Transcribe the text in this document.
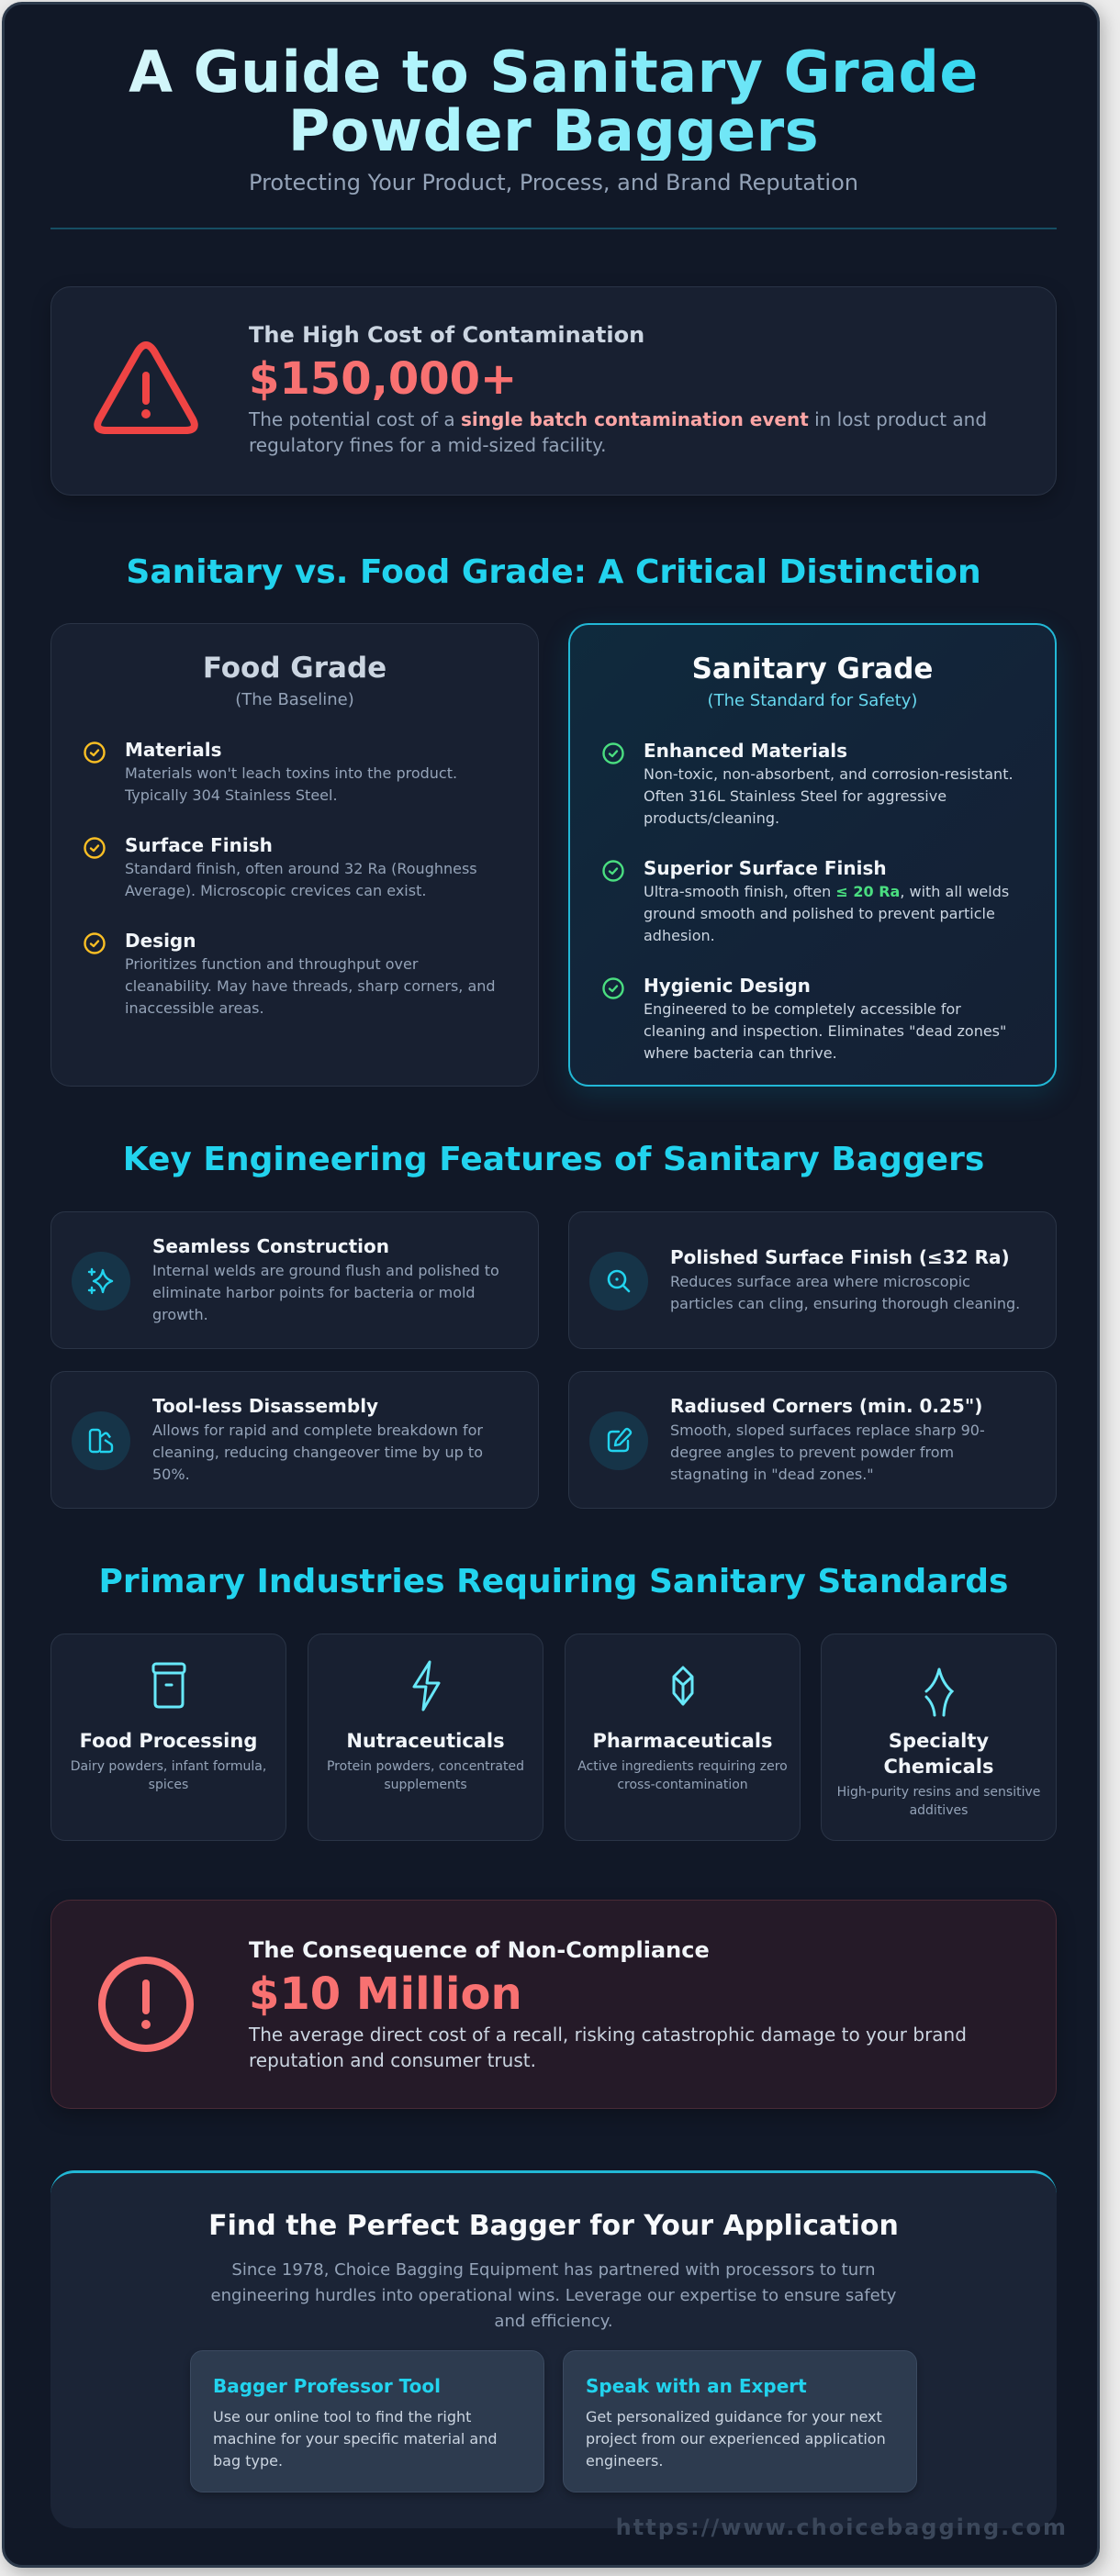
A Guide to Sanitary Grade
Powder Baggers
Protecting Your Product, Process, and Brand Reputation
The High Cost of Contamination
$150,000+
The potential cost of a single batch contamination event in lost product and regulatory fines for a mid-sized facility.
Sanitary vs. Food Grade: A Critical Distinction
Food Grade
(The Baseline)
Materials

Materials won't leach toxins into the product. Typically 304 Stainless Steel.

Surface Finish

Standard finish, often around 32 Ra (Roughness Average). Microscopic crevices can exist.

Design

Prioritizes function and throughput over cleanability. May have threads, sharp corners, and inaccessible areas.

Sanitary Grade
(The Standard for Safety)
Enhanced Materials

Non-toxic, non-absorbent, and corrosion-resistant. Often 316L Stainless Steel for aggressive products/cleaning.

Superior Surface Finish

Ultra-smooth finish, often ≤ 20 Ra, with all welds ground smooth and polished to prevent particle adhesion.

Hygienic Design

Engineered to be completely accessible for cleaning and inspection. Eliminates "dead zones" where bacteria can thrive.

Key Engineering Features of Sanitary Baggers
Seamless Construction

Internal welds are ground flush and polished to eliminate harbor points for bacteria or mold growth.

Polished Surface Finish (≤32 Ra)

Reduces surface area where microscopic particles can cling, ensuring thorough cleaning.

Tool-less Disassembly

Allows for rapid and complete breakdown for cleaning, reducing changeover time by up to 50%.

Radiused Corners (min. 0.25")

Smooth, sloped surfaces replace sharp 90-degree angles to prevent powder from stagnating in "dead zones."

Primary Industries Requiring Sanitary Standards
Food Processing

Dairy powders, infant formula, spices

Nutraceuticals

Protein powders, concentrated supplements

Pharmaceuticals

Active ingredients requiring zero cross-contamination

Specialty Chemicals

High-purity resins and sensitive additives

The Consequence of Non-Compliance
$10 Million
The average direct cost of a recall, risking catastrophic damage to your brand reputation and consumer trust.
Find the Perfect Bagger for Your Application
Since 1978, Choice Bagging Equipment has partnered with processors to turn engineering hurdles into operational wins. Leverage our expertise to ensure safety and efficiency.
Bagger Professor Tool

Use our online tool to find the right machine for your specific material and bag type.

Speak with an Expert

Get personalized guidance for your next project from our experienced application engineers.

https://www.choicebagging.com
